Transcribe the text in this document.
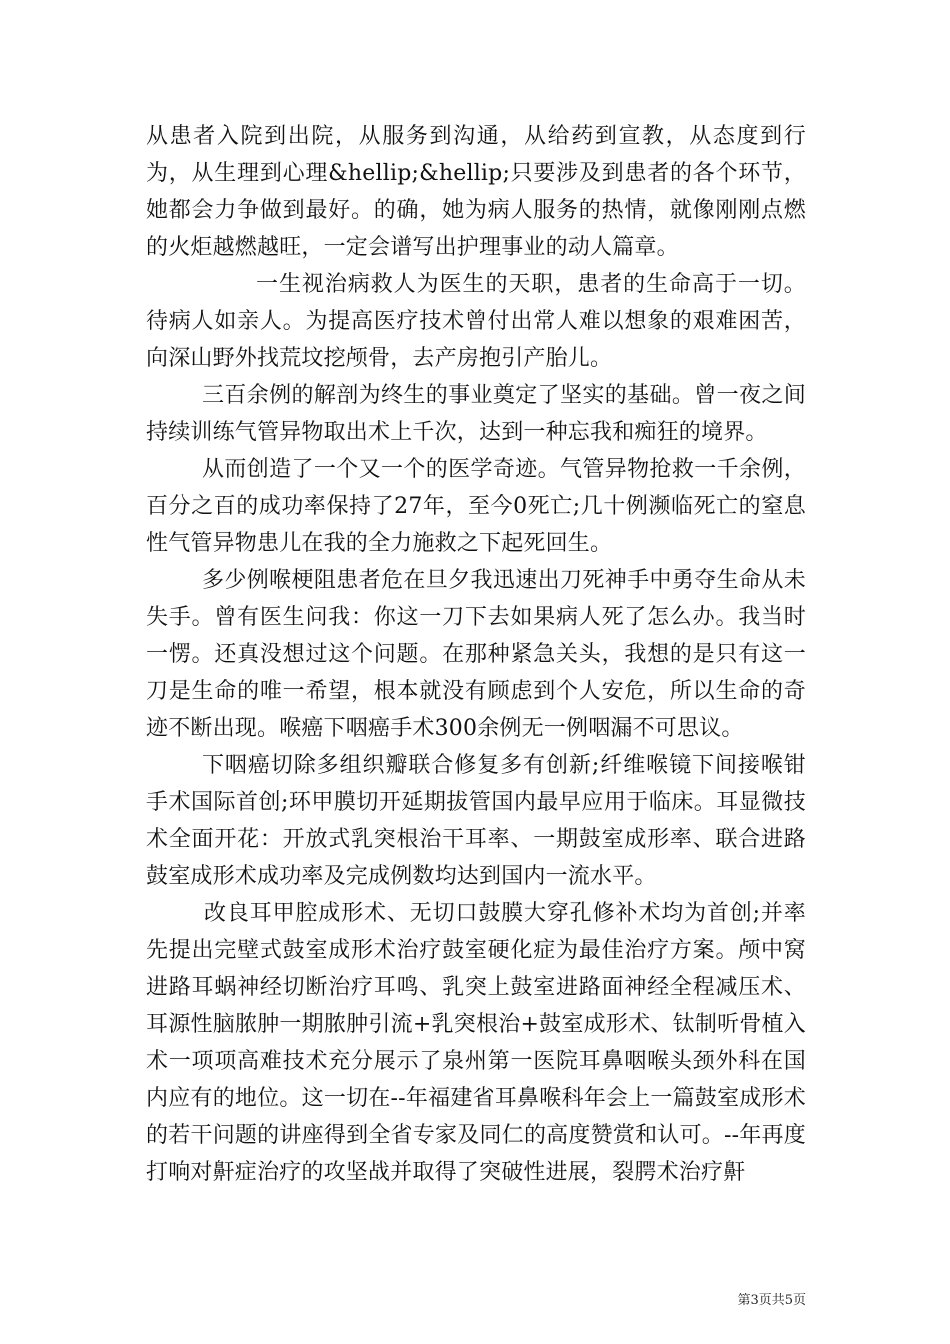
从患者入院到出院，从服务到沟通，从给药到宣教，从态度到行为，从生理到心理&hellip;&hellip;只要涉及到患者的各个环节，她都会力争做到最好。的确，她为病人服务的热情，就像刚刚点燃的火炬越燃越旺，一定会谱写出护理事业的动人篇章。

一生视治病救人为医生的天职，患者的生命高于一切。待病人如亲人。为提高医疗技术曾付出常人难以想象的艰难困苦，向深山野外找荒坟挖颅骨，去产房抱引产胎儿。

三百余例的解剖为终生的事业奠定了坚实的基础。曾一夜之间持续训练气管异物取出术上千次，达到一种忘我和痴狂的境界。

从而创造了一个又一个的医学奇迹。气管异物抢救一千余例，百分之百的成功率保持了27年，至今0死亡;几十例濒临死亡的窒息性气管异物患儿在我的全力施救之下起死回生。

多少例喉梗阻患者危在旦夕我迅速出刀死神手中勇夺生命从未失手。曾有医生问我：你这一刀下去如果病人死了怎么办。我当时一愣。还真没想过这个问题。在那种紧急关头，我想的是只有这一刀是生命的唯一希望，根本就没有顾虑到个人安危，所以生命的奇迹不断出现。喉癌下咽癌手术300余例无一例咽漏不可思议。

下咽癌切除多组织瓣联合修复多有创新;纤维喉镜下间接喉钳手术国际首创;环甲膜切开延期拔管国内最早应用于临床。耳显微技术全面开花：开放式乳突根治干耳率、一期鼓室成形率、联合进路鼓室成形术成功率及完成例数均达到国内一流水平。

改良耳甲腔成形术、无切口鼓膜大穿孔修补术均为首创;并率先提出完壁式鼓室成形术治疗鼓室硬化症为最佳治疗方案。颅中窝进路耳蜗神经切断治疗耳鸣、乳突上鼓室进路面神经全程减压术、耳源性脑脓肿一期脓肿引流+乳突根治+鼓室成形术、钛制听骨植入术一项项高难技术充分展示了泉州第一医院耳鼻咽喉头颈外科在国内应有的地位。这一切在--年福建省耳鼻喉科年会上一篇鼓室成形术的若干问题的讲座得到全省专家及同仁的高度赞赏和认可。--年再度打响对鼾症治疗的攻坚战并取得了突破性进展，裂腭术治疗鼾

第3页共5页
